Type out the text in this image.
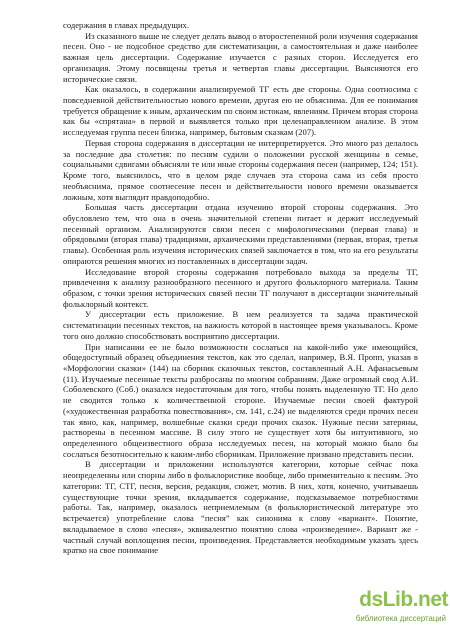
содержания в главах предыдущих.

Из сказанного выше не следует делать вывод о второстепенной роли изучения содержания песен. Оно - не подсобное средство для систематизации, а самостоятельная и даже наиболее важная цель диссертации. Содержание изучается с разных сторон. Исследуется его организация. Этому посвящены третья и четвертая главы диссертации. Выясняются его исторические связи.

Как оказалось, в содержании анализируемой ТГ есть две стороны. Одна соотносима с повседневной действительностью нового времени, другая ею не объяснима. Для ее понимания требуется обращение к иным, архаическим по своим истокам, явлениям. Причем вторая сторона как бы «спрятана» в первой и выявляется только при целенаправленном анализе. В этом исследуемая группа песен близка, например, бытовым сказкам (207).

Первая сторона содержания в диссертации не интерпретируется. Это много раз делалось за последние два столетия: по песням судили о положении русской женщины в семье, социальными сдвигами объясняли те или иные стороны содержания песен (например, 124; 151). Кроме того, выяснилось, что в целом ряде случаев эта сторона сама из себя просто необъяснима, прямое соотнесение песен и действительности нового времени оказывается ложным, хотя выглядит правдоподобно.

Большая часть диссертации отдана изучению второй стороны содержания. Это обусловлено тем, что она в очень значительной степени питает и держит исследуемый песенный организм. Анализируются связи песен с мифологическими (первая глава) и обрядовыми (вторая глава) традициями, архаическими представлениями (первая, вторая, третья главы). Особенная роль изучения исторических связей заключается в том, что на его результаты опираются решения многих из поставленных в диссертации задач.

Исследование второй стороны содержания потребовало выхода за пределы ТГ, привлечения к анализу разнообразного песенного и другого фольклорного материала. Таким образом, с точки зрения исторических связей песни ТГ получают в диссертации значительный фольклорный контекст.

У диссертации есть приложение. В нем реализуется та задача практической систематизации песенных текстов, на важность которой в настоящее время указывалось. Кроме того оно должно способствовать восприятию диссертации.

При написании ее не было возможности сослаться на какой-либо уже имеющийся, общедоступный образец объединения текстов, как это сделал, например, В.Я. Пропп, указав в «Морфологии сказки» (144) на сборник сказочных текстов, составленный А.Н. Афанасьевым (11). Изучаемые песенные тексты разбросаны по многим собраниям. Даже огромный свод А.И. Соболевского (Соб.) оказался недостаточным для того, чтобы понять выделенную ТГ. Но дело не сводится только к количественной стороне. Изучаемые песни своей фактурой («художественная разработка повествования», см. 141, с.24) не выделяются среди прочих песен так явно, как, например, волшебные сказки среди прочих сказок. Нужные песни затеряны, растворены в песенном массиве. В силу этого не существует хотя бы интуитивного, но определенного общеизвестного образа исследуемых песен, на который можно было бы сослаться безотносительно к каким-либо сборникам. Приложение призвано представить песни.

В диссертации и приложении используются категории, которые сейчас пока неопределенны или спорны либо в фольклористике вообще, либо применительно к песням. Это категории: ТГ, СТГ, песня, версия, редакция, сюжет, мотив. В них, хотя, конечно, учитываешь существующие точки зрения, вкладывается содержание, подсказываемое потребностями работы. Так, например, оказалось неприемлемым (в фольклористической литературе это встречается) употребление слова “песня” как синонима к слову «вариант». Понятие, вкладываемое в слово «песня», эквивалентно понятию слова «произведение». Вариант же - частный случай воплощения песни, произведения. Представляется необходимым указать здесь кратко на свое понимание

dsLib.net
библиотека диссертаций
